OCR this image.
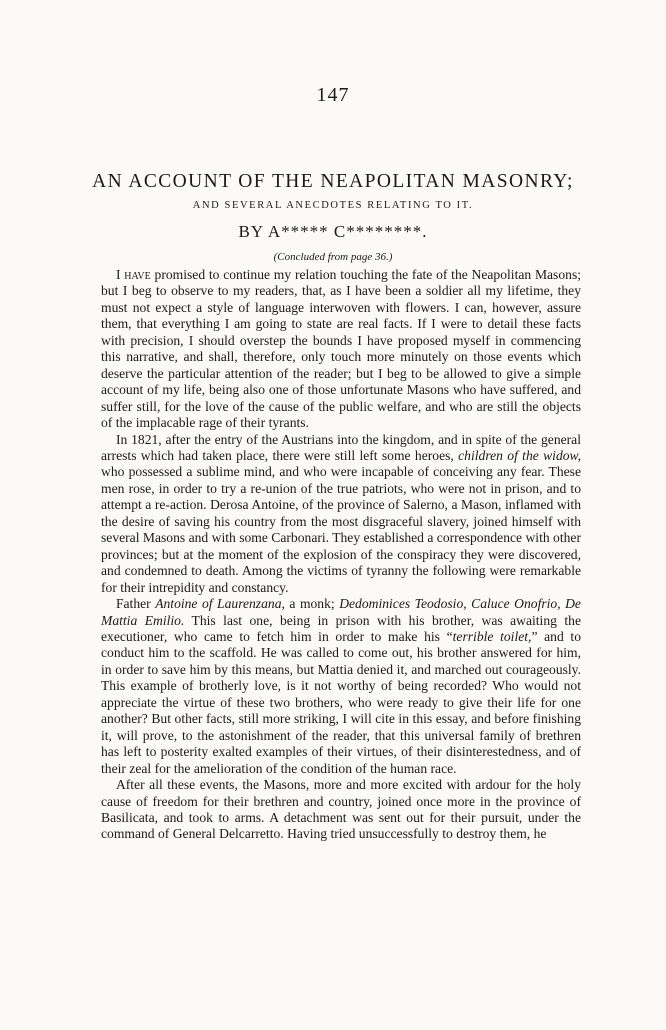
147
AN ACCOUNT OF THE NEAPOLITAN MASONRY;
AND SEVERAL ANECDOTES RELATING TO IT.
BY A***** C********.
(Concluded from page 36.)

I have promised to continue my relation touching the fate of the Neapolitan Masons; but I beg to observe to my readers, that, as I have been a soldier all my lifetime, they must not expect a style of language interwoven with flowers. I can, however, assure them, that everything I am going to state are real facts. If I were to detail these facts with precision, I should overstep the bounds I have proposed myself in commencing this narrative, and shall, therefore, only touch more minutely on those events which deserve the particular attention of the reader; but I beg to be allowed to give a simple account of my life, being also one of those unfortunate Masons who have suffered, and suffer still, for the love of the cause of the public welfare, and who are still the objects of the implacable rage of their tyrants.

In 1821, after the entry of the Austrians into the kingdom, and in spite of the general arrests which had taken place, there were still left some heroes, children of the widow, who possessed a sublime mind, and who were incapable of conceiving any fear. These men rose, in order to try a re-union of the true patriots, who were not in prison, and to attempt a re-action. Derosa Antoine, of the province of Salerno, a Mason, inflamed with the desire of saving his country from the most disgraceful slavery, joined himself with several Masons and with some Carbonari. They established a correspondence with other provinces; but at the moment of the explosion of the conspiracy they were discovered, and condemned to death. Among the victims of tyranny the following were remarkable for their intrepidity and constancy.

Father Antoine of Laurenzana, a monk; Dedominices Teodosio, Caluce Onofrio, De Mattia Emilio. This last one, being in prison with his brother, was awaiting the executioner, who came to fetch him in order to make his “terrible toilet,” and to conduct him to the scaffold. He was called to come out, his brother answered for him, in order to save him by this means, but Mattia denied it, and marched out courageously. This example of brotherly love, is it not worthy of being recorded? Who would not appreciate the virtue of these two brothers, who were ready to give their life for one another? But other facts, still more striking, I will cite in this essay, and before finishing it, will prove, to the astonishment of the reader, that this universal family of brethren has left to posterity exalted examples of their virtues, of their disinterestedness, and of their zeal for the amelioration of the condition of the human race.

After all these events, the Masons, more and more excited with ardour for the holy cause of freedom for their brethren and country, joined once more in the province of Basilicata, and took to arms. A detachment was sent out for their pursuit, under the command of General Delcarretto. Having tried unsuccessfully to destroy them, he
